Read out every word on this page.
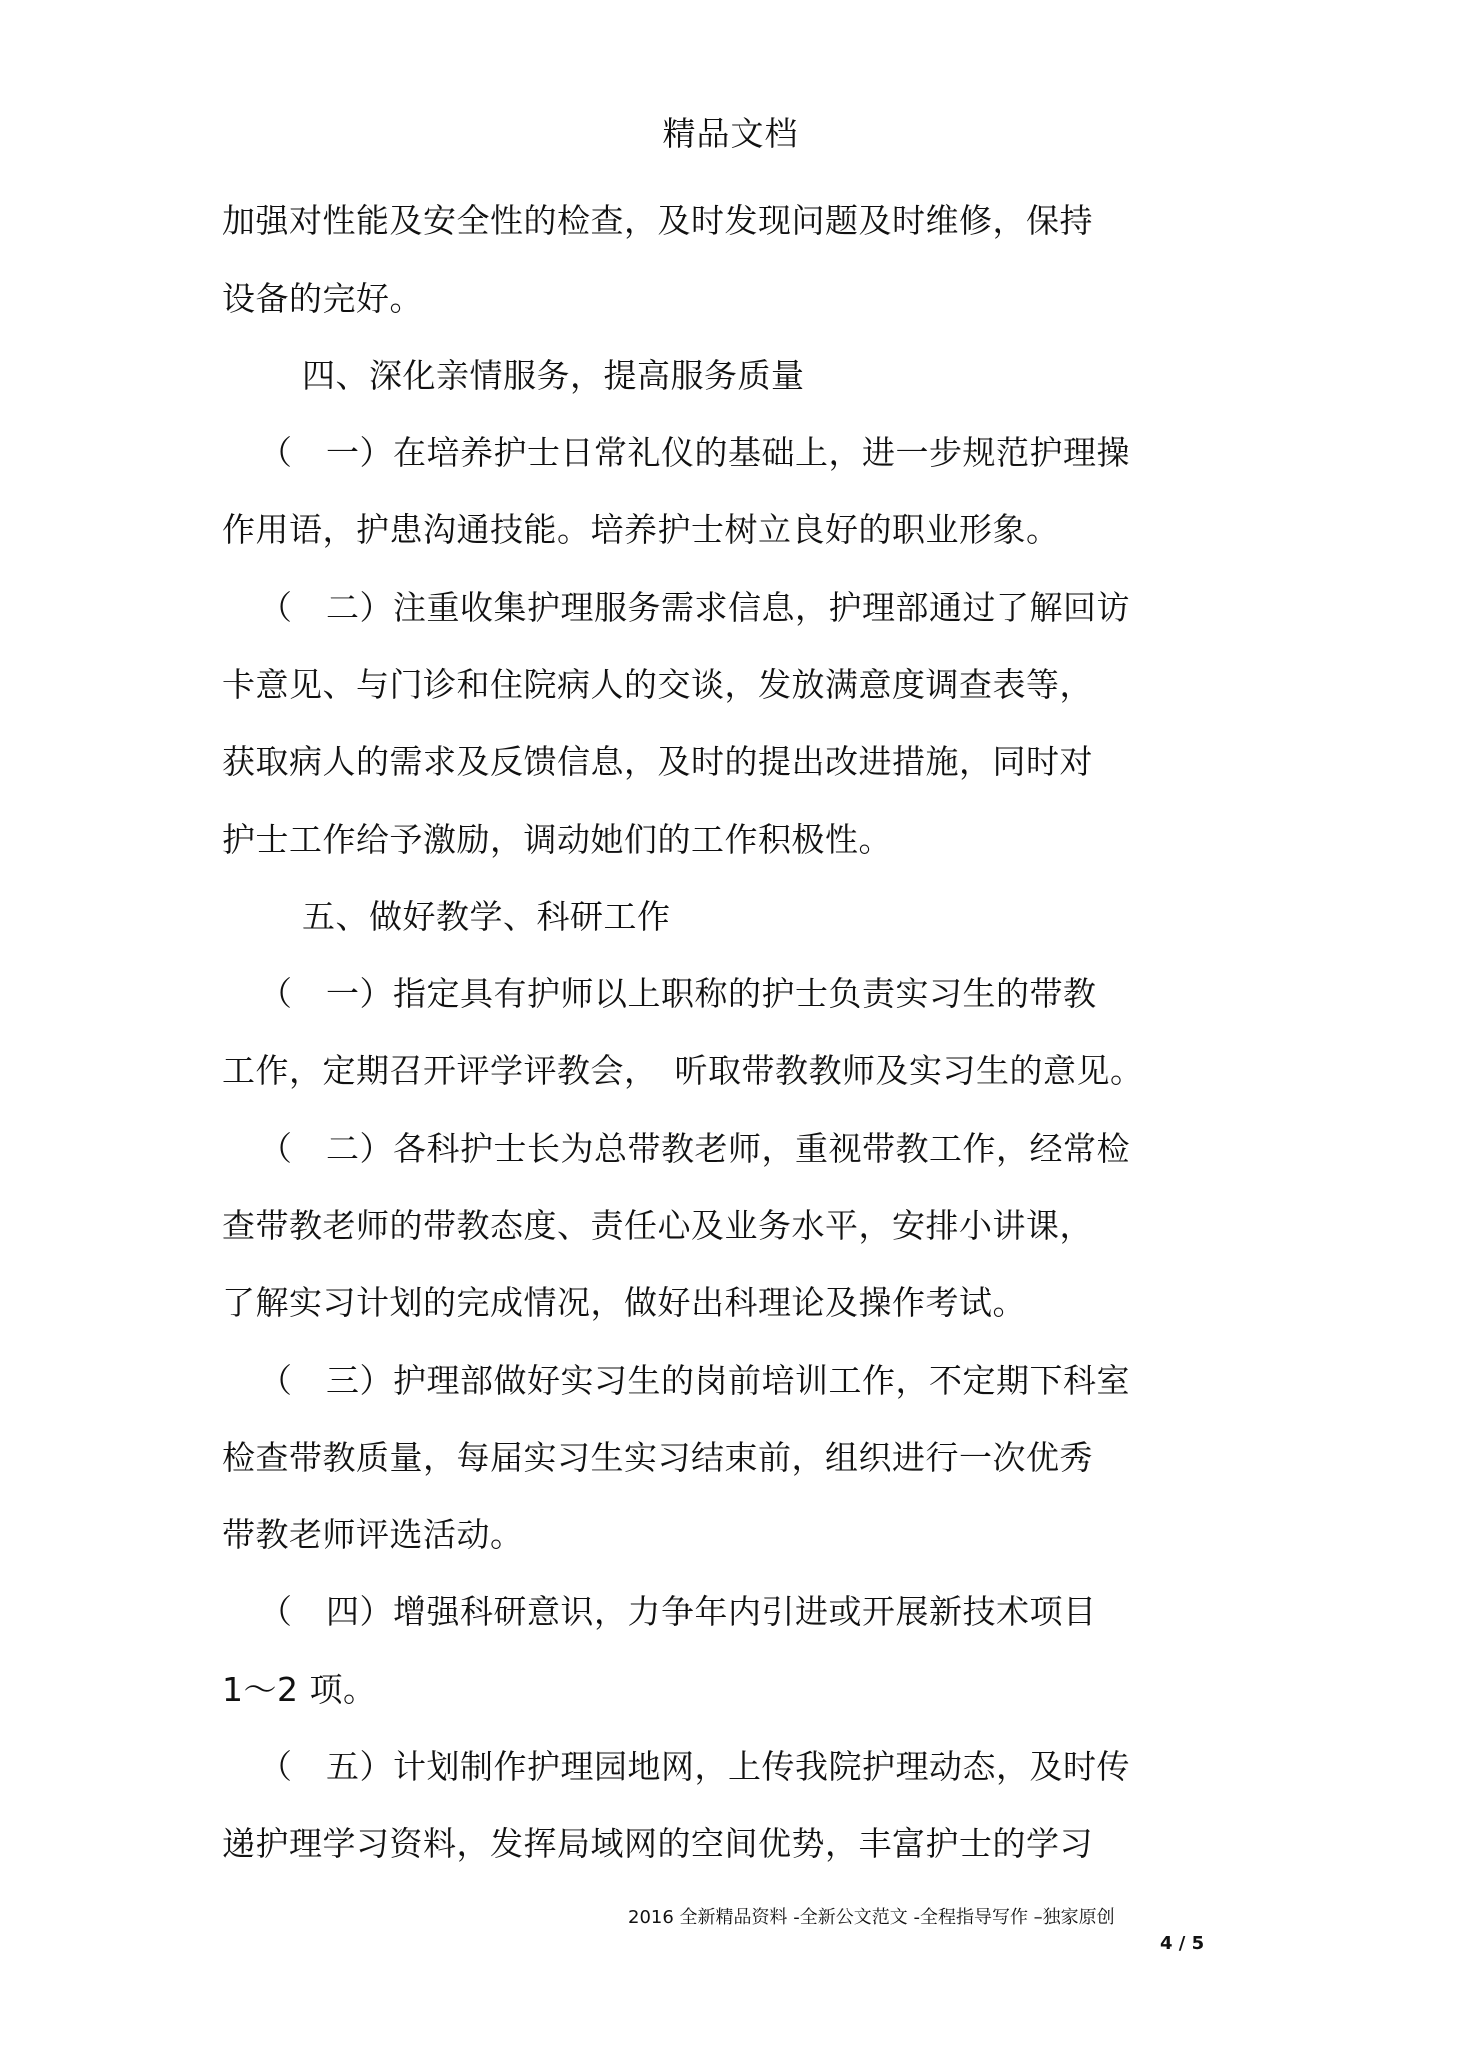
精品文档
加强对性能及安全性的检查，及时发现问题及时维修，保持
设备的完好。
四、深化亲情服务，提高服务质量
（　一）在培养护士日常礼仪的基础上，进一步规范护理操
作用语，护患沟通技能。培养护士树立良好的职业形象。
（　二）注重收集护理服务需求信息，护理部通过了解回访
卡意见、与门诊和住院病人的交谈，发放满意度调查表等，
获取病人的需求及反馈信息，及时的提出改进措施，同时对
护士工作给予激励，调动她们的工作积极性。
五、做好教学、科研工作
（　一）指定具有护师以上职称的护士负责实习生的带教
工作，定期召开评学评教会，　听取带教教师及实习生的意见。
（　二）各科护士长为总带教老师，重视带教工作，经常检
查带教老师的带教态度、责任心及业务水平，安排小讲课，
了解实习计划的完成情况，做好出科理论及操作考试。
（　三）护理部做好实习生的岗前培训工作，不定期下科室
检查带教质量，每届实习生实习结束前，组织进行一次优秀
带教老师评选活动。
（　四）增强科研意识，力争年内引进或开展新技术项目
1～2 项。
（　五）计划制作护理园地网，上传我院护理动态，及时传
递护理学习资料，发挥局域网的空间优势，丰富护士的学习
2016 全新精品资料 -全新公文范文 -全程指导写作 –独家原创
4 / 5
